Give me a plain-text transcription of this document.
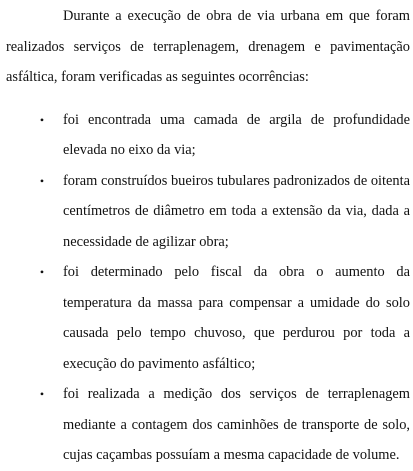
Durante a execução de obra de via urbana em que foram realizados serviços de terraplenagem, drenagem e pavimentação asfáltica, foram verificadas as seguintes ocorrências:

•	foi encontrada uma camada de argila de profundidade elevada no eixo da via;
•	foram construídos bueiros tubulares padronizados de oitenta centímetros de diâmetro em toda a extensão da via, dada a necessidade de agilizar obra;
•	foi determinado pelo fiscal da obra o aumento da temperatura da massa para compensar a umidade do solo causada pelo tempo chuvoso, que perdurou por toda a execução do pavimento asfáltico;
•	foi realizada a medição dos serviços de terraplenagem mediante a contagem dos caminhões de transporte de solo, cujas caçambas possuíam a mesma capacidade de volume.
